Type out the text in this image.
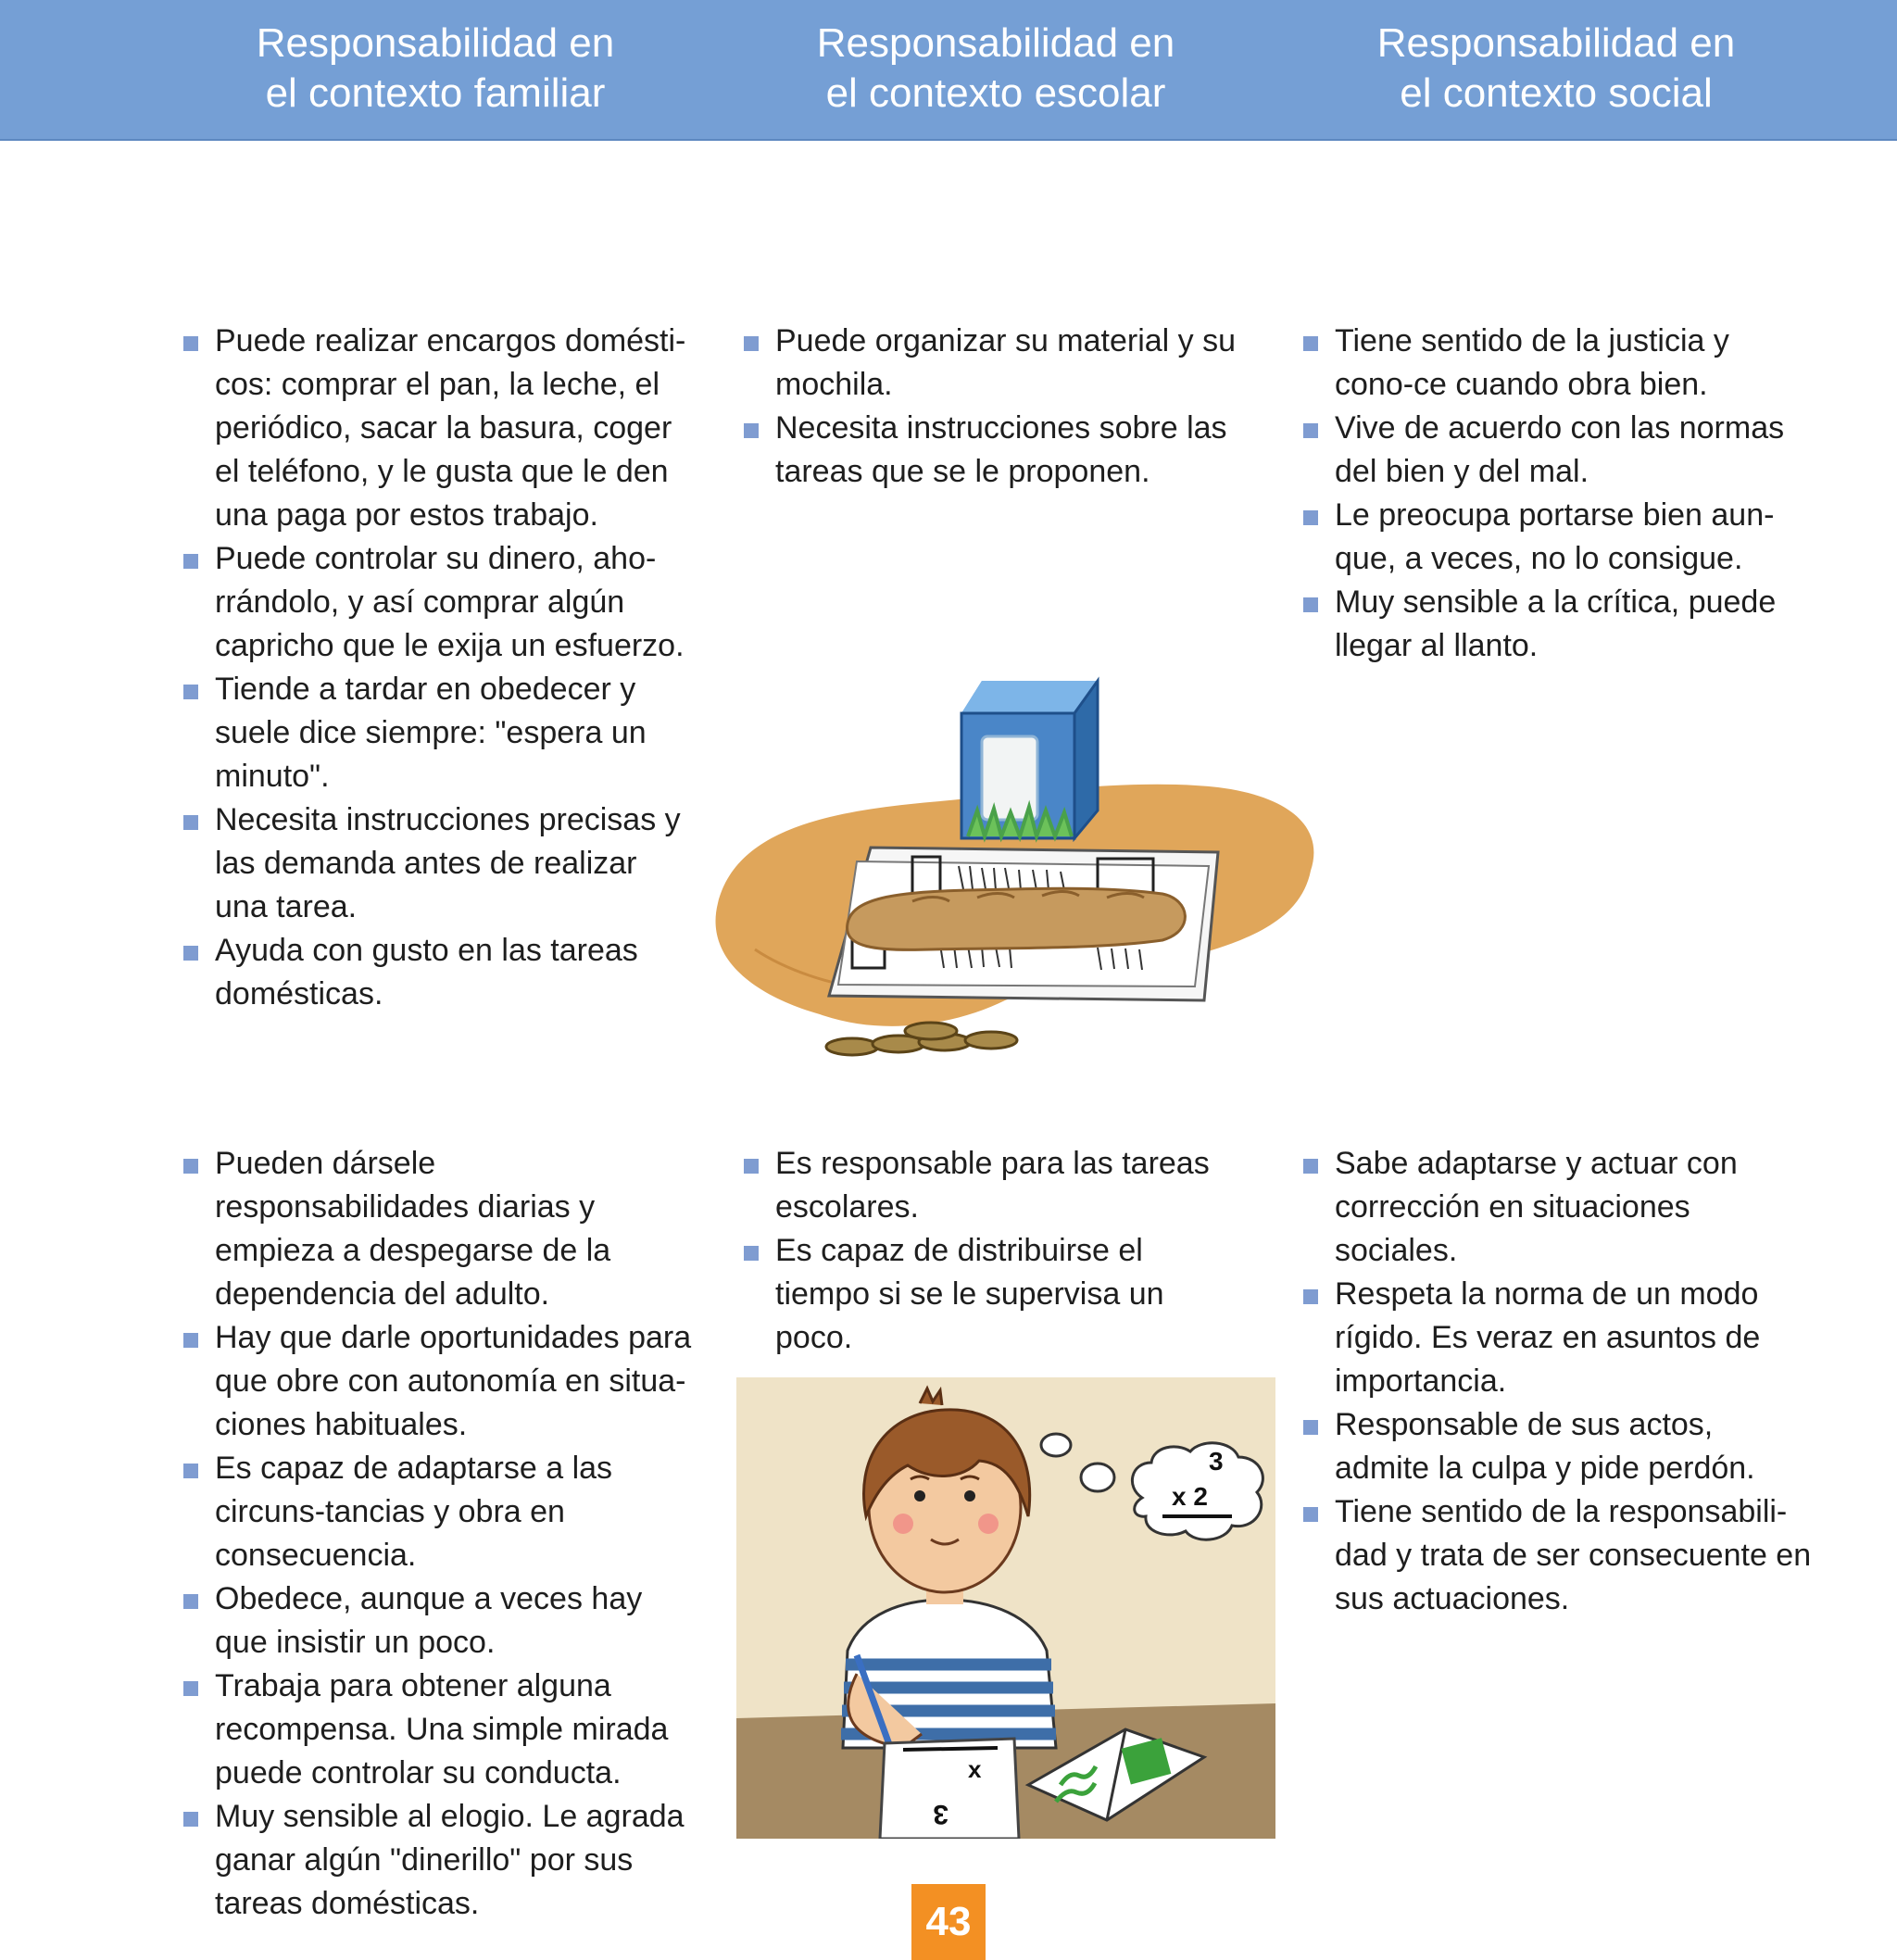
Responsabilidad en
el contexto familiar
Responsabilidad en
el contexto escolar
Responsabilidad en
el contexto social
Puede realizar encargos domésti-cos: comprar el pan, la leche, el periódico, sacar la basura, coger el teléfono, y le gusta que le den una paga por estos trabajo.
Puede controlar su dinero, aho-rrándolo, y así comprar algún capricho que le exija un esfuerzo.
Tiende a tardar en obedecer y suele dice siempre: "espera un minuto".
Necesita instrucciones precisas y las demanda antes de realizar una tarea.
Ayuda con gusto en las tareas domésticas.
Puede organizar su material y su mochila.
Necesita instrucciones sobre las tareas que se le proponen.
Tiene sentido de la justicia y cono-ce cuando obra bien.
Vive de acuerdo con las normas del bien y del mal.
Le preocupa portarse bien aun-que, a veces, no lo consigue.
Muy sensible a la crítica, puede llegar al llanto.
Pueden dársele responsabilidades diarias y empieza a despegarse de la dependencia del adulto.
Hay que darle oportunidades para que obre con autonomía en situa-ciones habituales.
Es capaz de adaptarse a las circuns-tancias y obra en consecuencia.
Obedece, aunque a veces hay que insistir un poco.
Trabaja para obtener alguna recompensa. Una simple mirada puede controlar su conducta.
Muy sensible al elogio. Le agrada ganar algún "dinerillo" por sus tareas domésticas.
Es responsable para las tareas escolares.
Es capaz de distribuirse el tiempo si se le supervisa un poco.
Sabe adaptarse y actuar con corrección en situaciones sociales.
Respeta la norma de un modo rígido. Es veraz en asuntos de importancia.
Responsable de sus actos, admite la culpa y pide perdón.
Tiene sentido de la responsabili-dad y trata de ser consecuente en sus actuaciones.
x
3
3
x 2
43
